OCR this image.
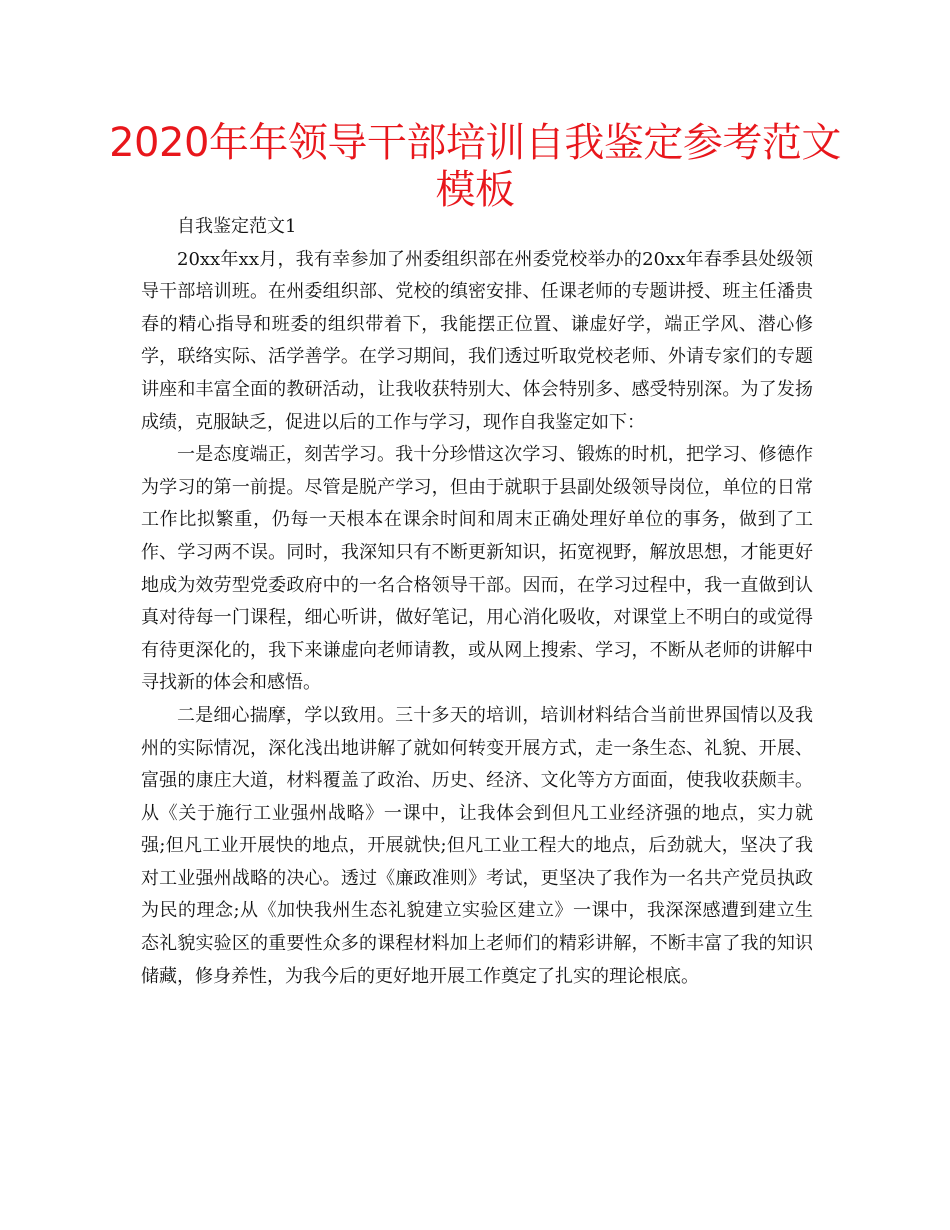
2020年年领导干部培训自我鉴定参考范文
模板

自我鉴定范文1

20xx年xx月，我有幸参加了州委组织部在州委党校举办的20xx年春季县处级领导干部培训班。在州委组织部、党校的缜密安排、任课老师的专题讲授、班主任潘贵春的精心指导和班委的组织带着下，我能摆正位置、谦虚好学，端正学风、潜心修学，联络实际、活学善学。在学习期间，我们透过听取党校老师、外请专家们的专题讲座和丰富全面的教研活动，让我收获特别大、体会特别多、感受特别深。为了发扬成绩，克服缺乏，促进以后的工作与学习，现作自我鉴定如下：

一是态度端正，刻苦学习。我十分珍惜这次学习、锻炼的时机，把学习、修德作为学习的第一前提。尽管是脱产学习，但由于就职于县副处级领导岗位，单位的日常工作比拟繁重，仍每一天根本在课余时间和周末正确处理好单位的事务，做到了工作、学习两不误。同时，我深知只有不断更新知识，拓宽视野，解放思想，才能更好地成为效劳型党委政府中的一名合格领导干部。因而，在学习过程中，我一直做到认真对待每一门课程，细心听讲，做好笔记，用心消化吸收，对课堂上不明白的或觉得有待更深化的，我下来谦虚向老师请教，或从网上搜索、学习，不断从老师的讲解中寻找新的体会和感悟。

二是细心揣摩，学以致用。三十多天的培训，培训材料结合当前世界国情以及我州的实际情况，深化浅出地讲解了就如何转变开展方式，走一条生态、礼貌、开展、富强的康庄大道，材料覆盖了政治、历史、经济、文化等方方面面，使我收获颇丰。从《关于施行工业强州战略》一课中，让我体会到但凡工业经济强的地点，实力就强;但凡工业开展快的地点，开展就快;但凡工业工程大的地点，后劲就大，坚决了我对工业强州战略的决心。透过《廉政准则》考试，更坚决了我作为一名共产党员执政为民的理念;从《加快我州生态礼貌建立实验区建立》一课中，我深深感遭到建立生态礼貌实验区的重要性众多的课程材料加上老师们的精彩讲解，不断丰富了我的知识储藏，修身养性，为我今后的更好地开展工作奠定了扎实的理论根底。
